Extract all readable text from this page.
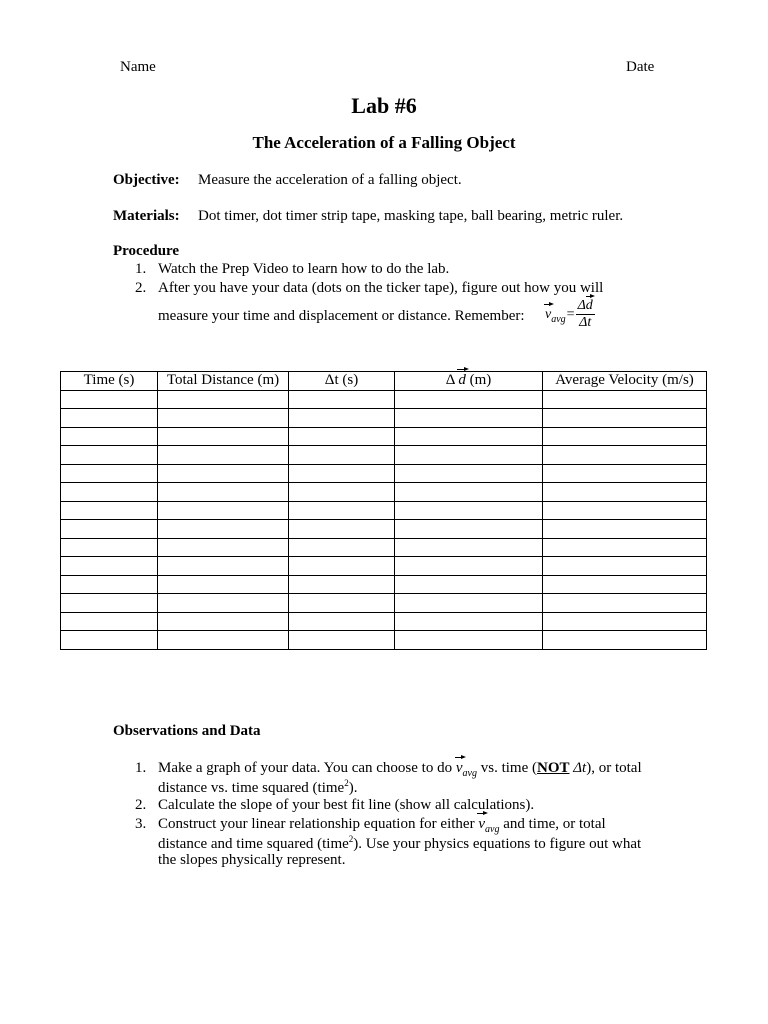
Name	Date
Lab #6
The Acceleration of a Falling Object
Objective: Measure the acceleration of a falling object.
Materials: Dot timer, dot timer strip tape, masking tape, ball bearing, metric ruler.
Procedure
1. Watch the Prep Video to learn how to do the lab.
2. After you have your data (dots on the ticker tape), figure out how you will
measure your time and displacement or distance. Remember: $v_{avg}= \frac{\Delta d}{\Delta t}$
Time (s)	Total Distance (m)	Δt (s)	Δ d (m)	Average Velocity (m/s)

Observations and Data
1. Make a graph of your data. You can choose to do $v_{avg}$ vs. time (NOT Δt), or total
distance vs. time squared (time$^2$).
2. Calculate the slope of your best fit line (show all calculations).
3. Construct your linear relationship equation for either $v_{avg}$ and time, or total
distance and time squared (time$^2$). Use your physics equations to figure out what
the slopes physically represent.
